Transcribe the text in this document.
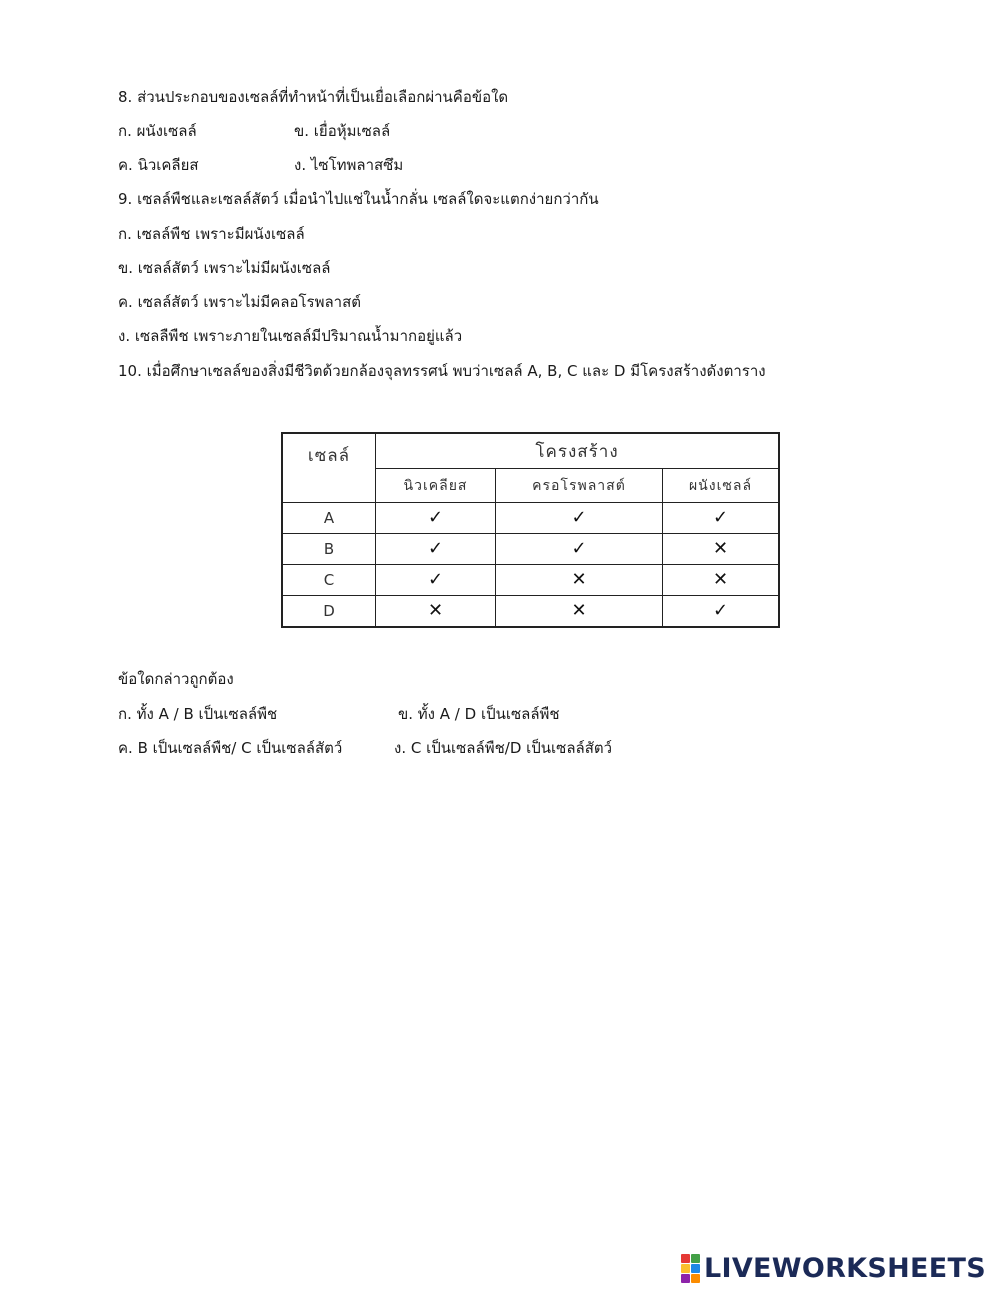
8. ส่วนประกอบของเซลล์ที่ทำหน้าที่เป็นเยื่อเลือกผ่านคือข้อใด
ก. ผนังเซลล์	ข. เยื่อหุ้มเซลล์
ค. นิวเคลียส	ง. ไซโทพลาสซึม
9. เซลล์พืชและเซลล์สัตว์ เมื่อนำไปแช่ในน้ำกลั่น เซลล์ใดจะแตกง่ายกว่ากัน
ก. เซลล์พืช เพราะมีผนังเซลล์
ข. เซลล์สัตว์ เพราะไม่มีผนังเซลล์
ค. เซลล์สัตว์ เพราะไม่มีคลอโรพลาสต์
ง. เซลลืพืช เพราะภายในเซลล์มีปริมาณน้ำมากอยู่แล้ว
10. เมื่อศึกษาเซลล์ของสิ่งมีชีวิตด้วยกล้องจุลทรรศน์ พบว่าเซลล์ A, B, C และ D มีโครงสร้างดังตาราง
เซลล์	โครงสร้าง		
	นิวเคลียส	ครอโรพลาสต์	ผนังเซลล์
A	✓	✓	✓
B	✓	✓	✕
C	✓	✕	✕
D	✕	✕	✓
ข้อใดกล่าวถูกต้อง
ก. ทั้ง A / B เป็นเซลล์พืช	ข. ทั้ง A / D เป็นเซลล์พืช
ค. B เป็นเซลล์พืช/ C เป็นเซลล์สัตว์	ง. C เป็นเซลล์พืช/D เป็นเซลล์สัตว์
LIVEWORKSHEETS
